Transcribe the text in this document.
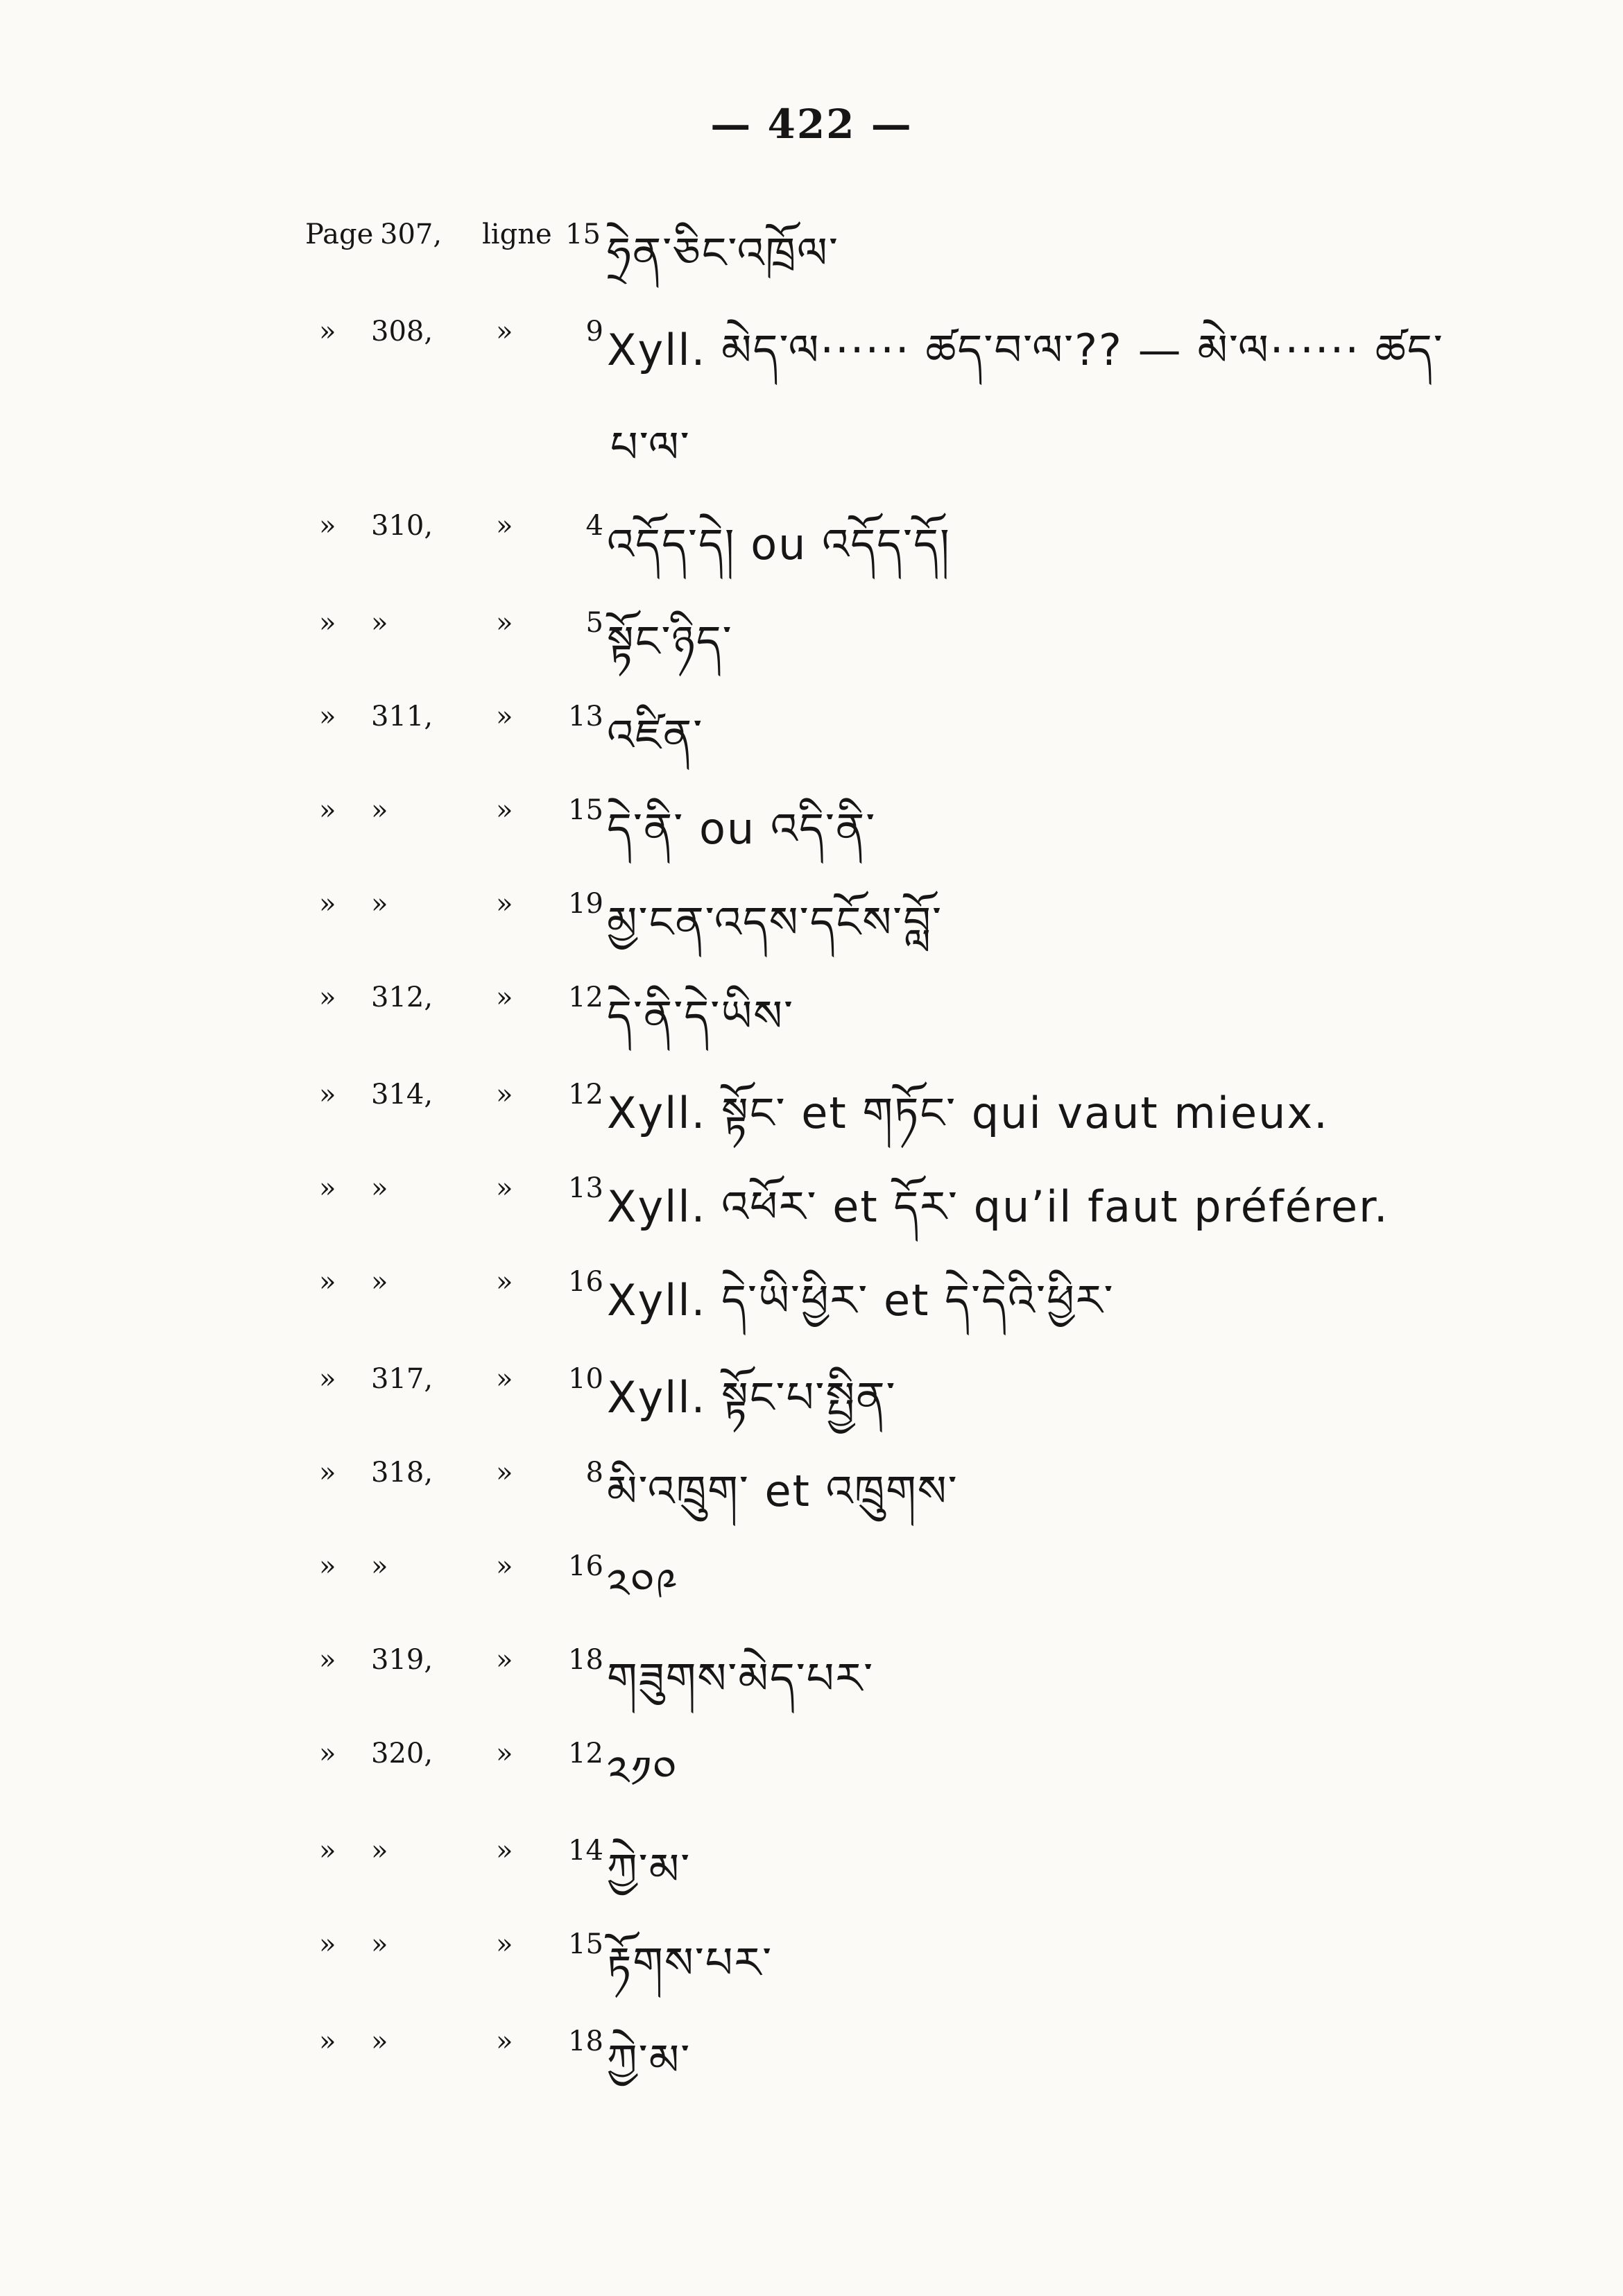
— 422 —
Page 307, ligne 15 ཧྲེན་ཅིང་འཁྲོལ་
» 308, »	9 Xyll. མེད་ལ······ ཚད་བ་ལ་?? — མེ་ལ······ ཚད་
པ་ལ་
» 310, »	4 འདོད་དེ། ou འདོད་དོ།
» »	»	5 སྟོང་ཉིད་
» 311, »	13 འཛིན་
» »	»	15 དེ་ནི་ ou འདི་ནི་
» »	»	19 མྱ་ངན་འདས་དངོས་བློ་
» 312, »	12 དེ་ནི་དེ་ཡིས་
» 314, »	12 Xyll. སྟོང་ et གཏོང་ qui vaut mieux.
» »	»	13 Xyll. འཕོར་ et དོར་ qu’il faut préférer.
» »	»	16 Xyll. དེ་ཡི་ཕྱིར་ et དེ་དེའི་ཕྱིར་
» 317, »	10 Xyll. སྟོང་པ་སྤྱིན་
» 318, »	8 མི་འཁྲུག་ et འཁྲུགས་
» »	»	16 ༢༠༩
» 319, »	18 གཟུགས་མེད་པར་
» 320, »	12 ༢༡༠
» »	»	14 ཀྱེ་མ་
» »	»	15 རྟོགས་པར་
» »	»	18 ཀྱེ་མ་
